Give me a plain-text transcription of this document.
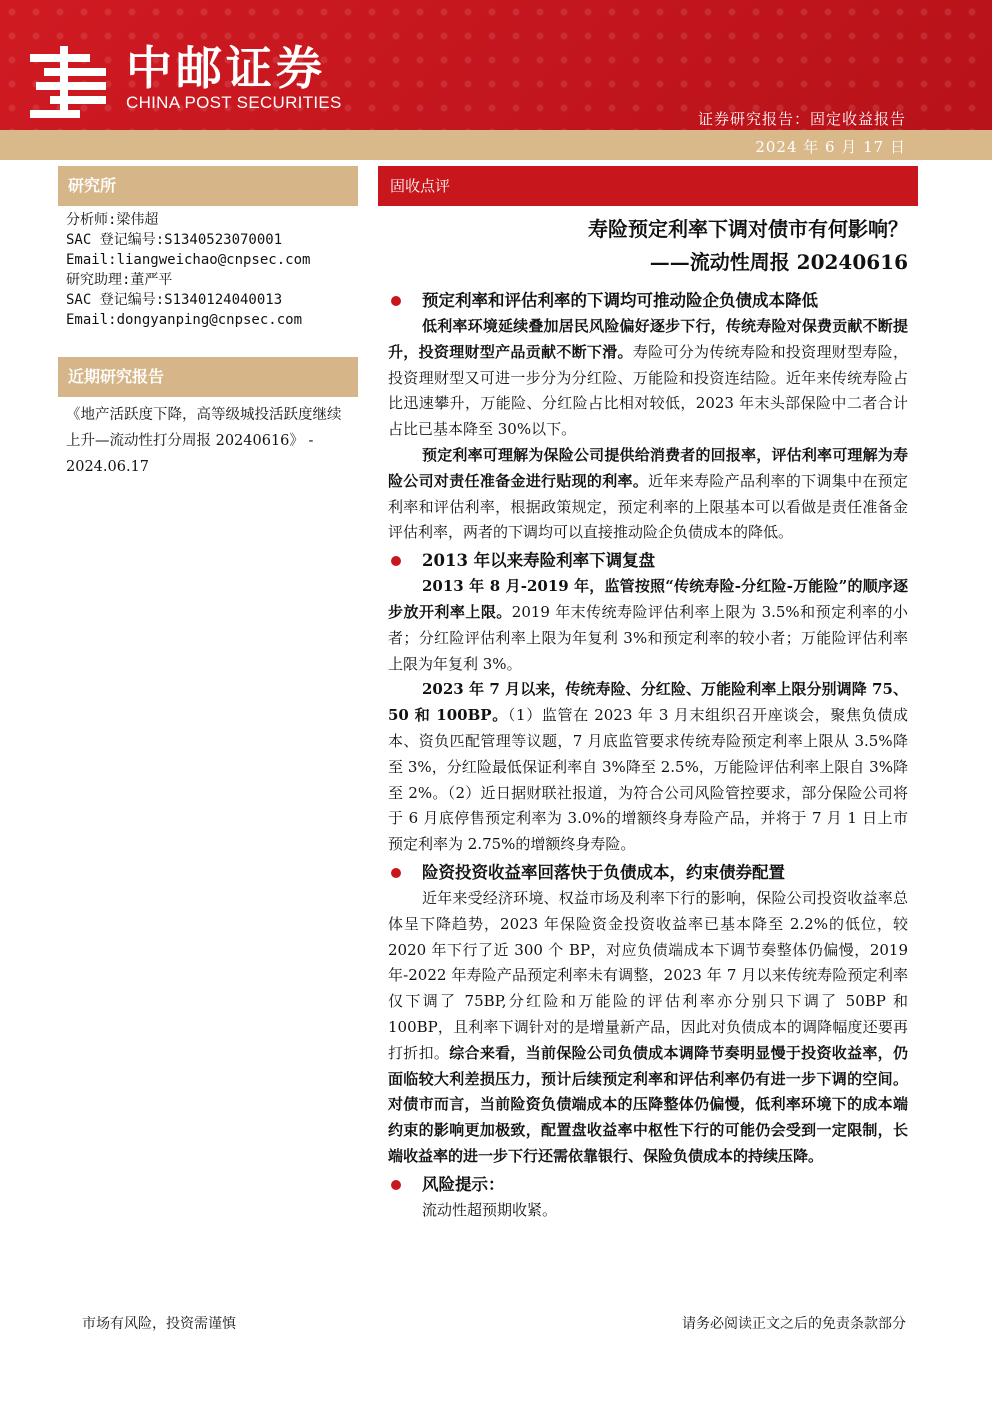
中邮证券
CHINA POST SECURITIES
证券研究报告：固定收益报告
2024 年 6 月 17 日
研究所
分析师:梁伟超
SAC 登记编号:S1340523070001
Email:liangweichao@cnpsec.com
研究助理:董严平
SAC 登记编号:S1340124040013
Email:dongyanping@cnpsec.com
近期研究报告
《地产活跃度下降，高等级城投活跃度继续上升—流动性打分周报 20240616》 - 2024.06.17
固收点评
寿险预定利率下调对债市有何影响？
——流动性周报 20240616
预定利率和评估利率的下调均可推动险企负债成本降低
低利率环境延续叠加居民风险偏好逐步下行，传统寿险对保费贡献不断提升，投资理财型产品贡献不断下滑。寿险可分为传统寿险和投资理财型寿险，投资理财型又可进一步分为分红险、万能险和投资连结险。近年来传统寿险占比迅速攀升，万能险、分红险占比相对较低，2023 年末头部保险中二者合计占比已基本降至 30%以下。
预定利率可理解为保险公司提供给消费者的回报率，评估利率可理解为寿险公司对责任准备金进行贴现的利率。近年来寿险产品利率的下调集中在预定利率和评估利率，根据政策规定，预定利率的上限基本可以看做是责任准备金评估利率，两者的下调均可以直接推动险企负债成本的降低。
2013 年以来寿险利率下调复盘
2013 年 8 月-2019 年，监管按照“传统寿险-分红险-万能险”的顺序逐步放开利率上限。2019 年末传统寿险评估利率上限为 3.5%和预定利率的小者；分红险评估利率上限为年复利 3%和预定利率的较小者；万能险评估利率上限为年复利 3%。
2023 年 7 月以来，传统寿险、分红险、万能险利率上限分别调降 75、50 和 100BP。（1）监管在 2023 年 3 月末组织召开座谈会，聚焦负债成本、资负匹配管理等议题，7 月底监管要求传统寿险预定利率上限从 3.5%降至 3%，分红险最低保证利率自 3%降至 2.5%，万能险评估利率上限自 3%降至 2%。（2）近日据财联社报道，为符合公司风险管控要求，部分保险公司将于 6 月底停售预定利率为 3.0%的增额终身寿险产品，并将于 7 月 1 日上市预定利率为 2.75%的增额终身寿险。
险资投资收益率回落快于负债成本，约束债券配置
近年来受经济环境、权益市场及利率下行的影响，保险公司投资收益率总体呈下降趋势，2023 年保险资金投资收益率已基本降至 2.2%的低位，较 2020 年下行了近 300 个 BP，对应负债端成本下调节奏整体仍偏慢，2019 年-2022 年寿险产品预定利率未有调整，2023 年 7 月以来传统寿险预定利率仅下调了 75BP,分红险和万能险的评估利率亦分别只下调了 50BP 和 100BP，且利率下调针对的是增量新产品，因此对负债成本的调降幅度还要再打折扣。综合来看，当前保险公司负债成本调降节奏明显慢于投资收益率，仍面临较大利差损压力，预计后续预定利率和评估利率仍有进一步下调的空间。对债市而言，当前险资负债端成本的压降整体仍偏慢，低利率环境下的成本端约束的影响更加极致，配置盘收益率中枢性下行的可能仍会受到一定限制，长端收益率的进一步下行还需依靠银行、保险负债成本的持续压降。
风险提示：
流动性超预期收紧。
市场有风险，投资需谨慎	请务必阅读正文之后的免责条款部分
